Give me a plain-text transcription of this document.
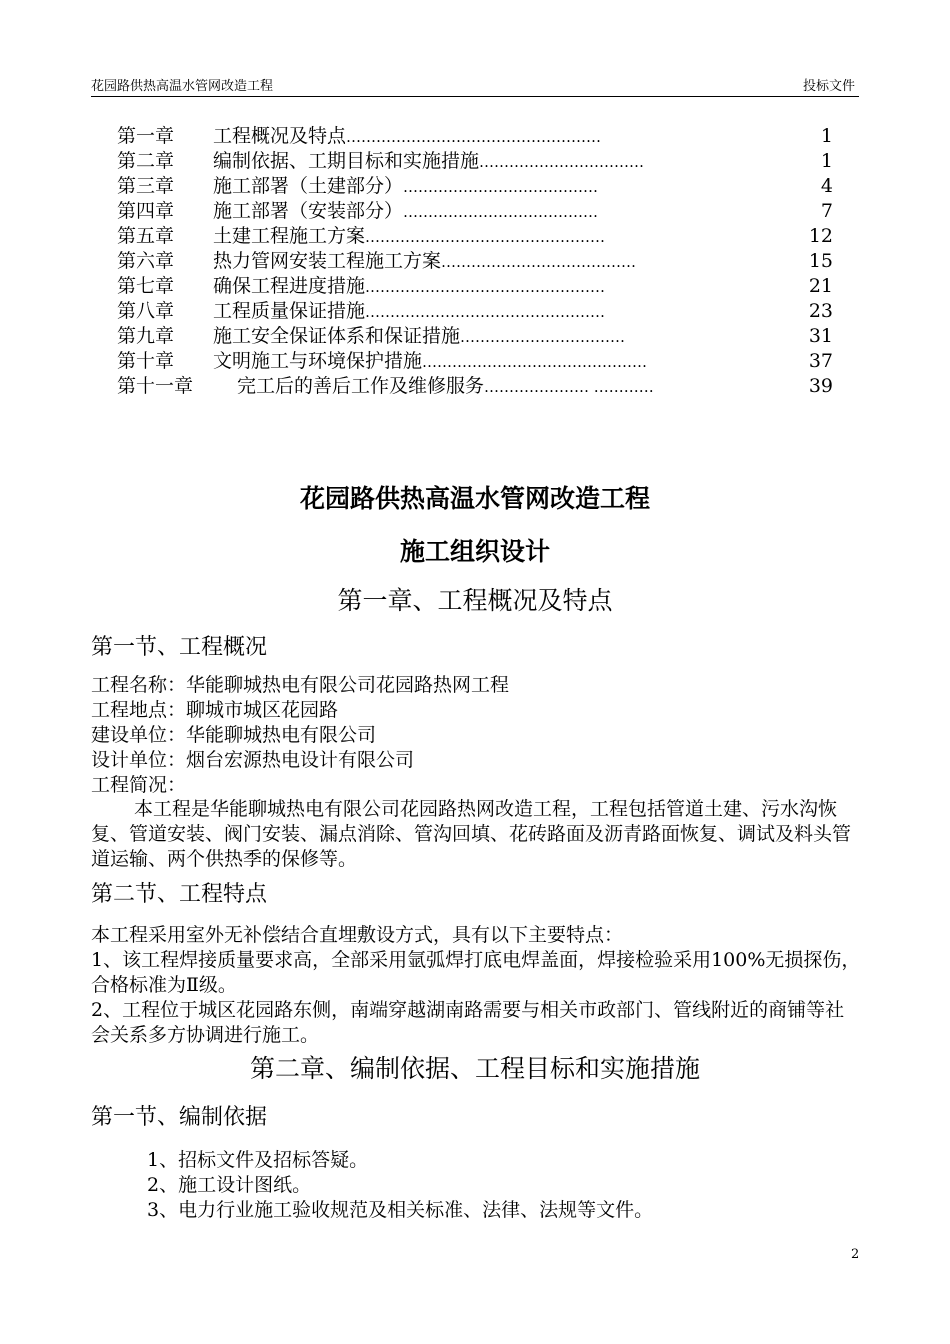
花园路供热高温水管网改造工程	投标文件
第一章	工程概况及特点 ……………………………………………	1
第二章	编制依据、工期目标和实施措施 ……………………………	1
第三章	施工部署（土建部分） …………………………………	4
第四章	施工部署（安装部分） …………………………………	7
第五章	土建工程施工方案 …………………………………………	12
第六章	热力管网安装工程施工方案 …………………………………	15
第七章	确保工程进度措施 …………………………………………	21
第八章	工程质量保证措施 …………………………………………	23
第九章	施工安全保证体系和保证措施 ……………………………	31
第十章	文明施工与环境保护措施 ………………………………………	37
第十一章	完工后的善后工作及维修服务 ………………… …………	39
花园路供热高温水管网改造工程
施工组织设计
第一章、工程概况及特点
第一节、工程概况
工程名称：华能聊城热电有限公司花园路热网工程
工程地点：聊城市城区花园路
建设单位：华能聊城热电有限公司
设计单位：烟台宏源热电设计有限公司
工程简况：
本工程是华能聊城热电有限公司花园路热网改造工程，工程包括管道土建、污水沟恢复、管道安装、阀门安装、漏点消除、管沟回填、花砖路面及沥青路面恢复、调试及料头管道运输、两个供热季的保修等。
第二节、工程特点
本工程采用室外无补偿结合直埋敷设方式，具有以下主要特点：
1、该工程焊接质量要求高，全部采用氩弧焊打底电焊盖面，焊接检验采用100%无损探伤，合格标准为Ⅱ级。
2、工程位于城区花园路东侧，南端穿越湖南路需要与相关市政部门、管线附近的商铺等社会关系多方协调进行施工。
第二章、编制依据、工程目标和实施措施
第一节、编制依据
1、招标文件及招标答疑。
2、施工设计图纸。
3、电力行业施工验收规范及相关标准、法律、法规等文件。
2
